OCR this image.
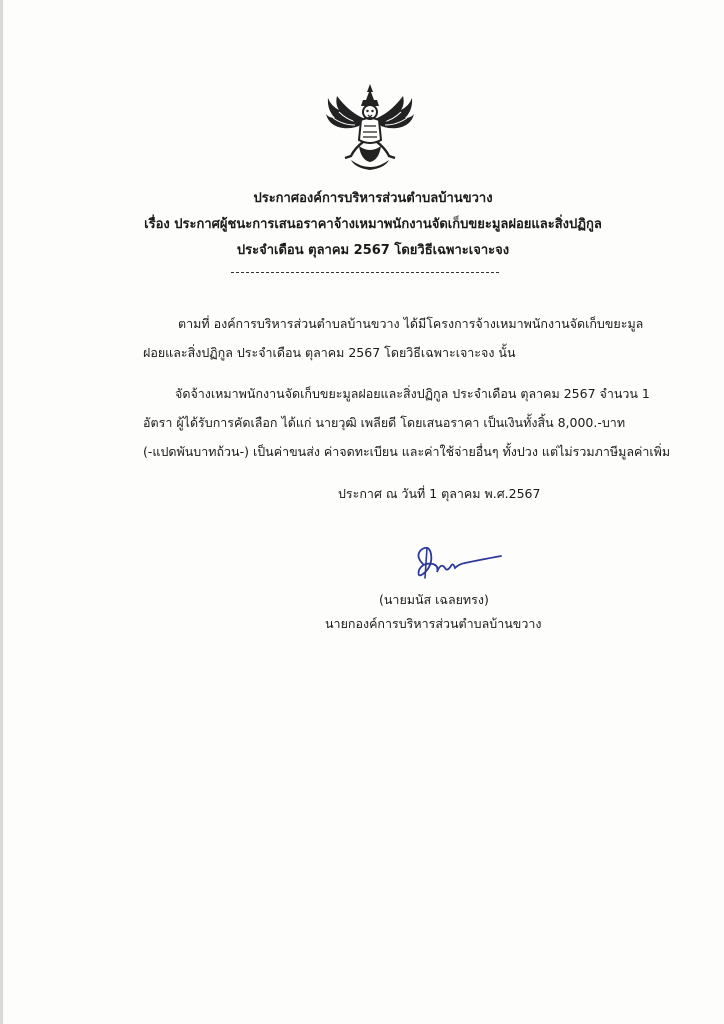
ประกาศองค์การบริหารส่วนตำบลบ้านขวาง
เรื่อง ประกาศผู้ชนะการเสนอราคาจ้างเหมาพนักงานจัดเก็บขยะมูลฝอยและสิ่งปฏิกูล
ประจำเดือน ตุลาคม 2567 โดยวิธีเฉพาะเจาะจง
ตามที่ องค์การบริหารส่วนตำบลบ้านขวาง ได้มีโครงการจ้างเหมาพนักงานจัดเก็บขยะมูล
ฝอยและสิ่งปฏิกูล ประจำเดือน ตุลาคม 2567 โดยวิธีเฉพาะเจาะจง นั้น
จัดจ้างเหมาพนักงานจัดเก็บขยะมูลฝอยและสิ่งปฏิกูล ประจำเดือน ตุลาคม 2567 จำนวน 1
อัตรา ผู้ได้รับการคัดเลือก ได้แก่ นายวุฒิ เพลียดี โดยเสนอราคา เป็นเงินทั้งสิ้น 8,000.-บาท
(-แปดพันบาทถ้วน-) เป็นค่าขนส่ง ค่าจดทะเบียน และค่าใช้จ่ายอื่นๆ ทั้งปวง แต่ไม่รวมภาษีมูลค่าเพิ่ม
ประกาศ ณ วันที่ 1 ตุลาคม พ.ศ.2567
(นายมนัส เฉลยทรง)
นายกองค์การบริหารส่วนตำบลบ้านขวาง
